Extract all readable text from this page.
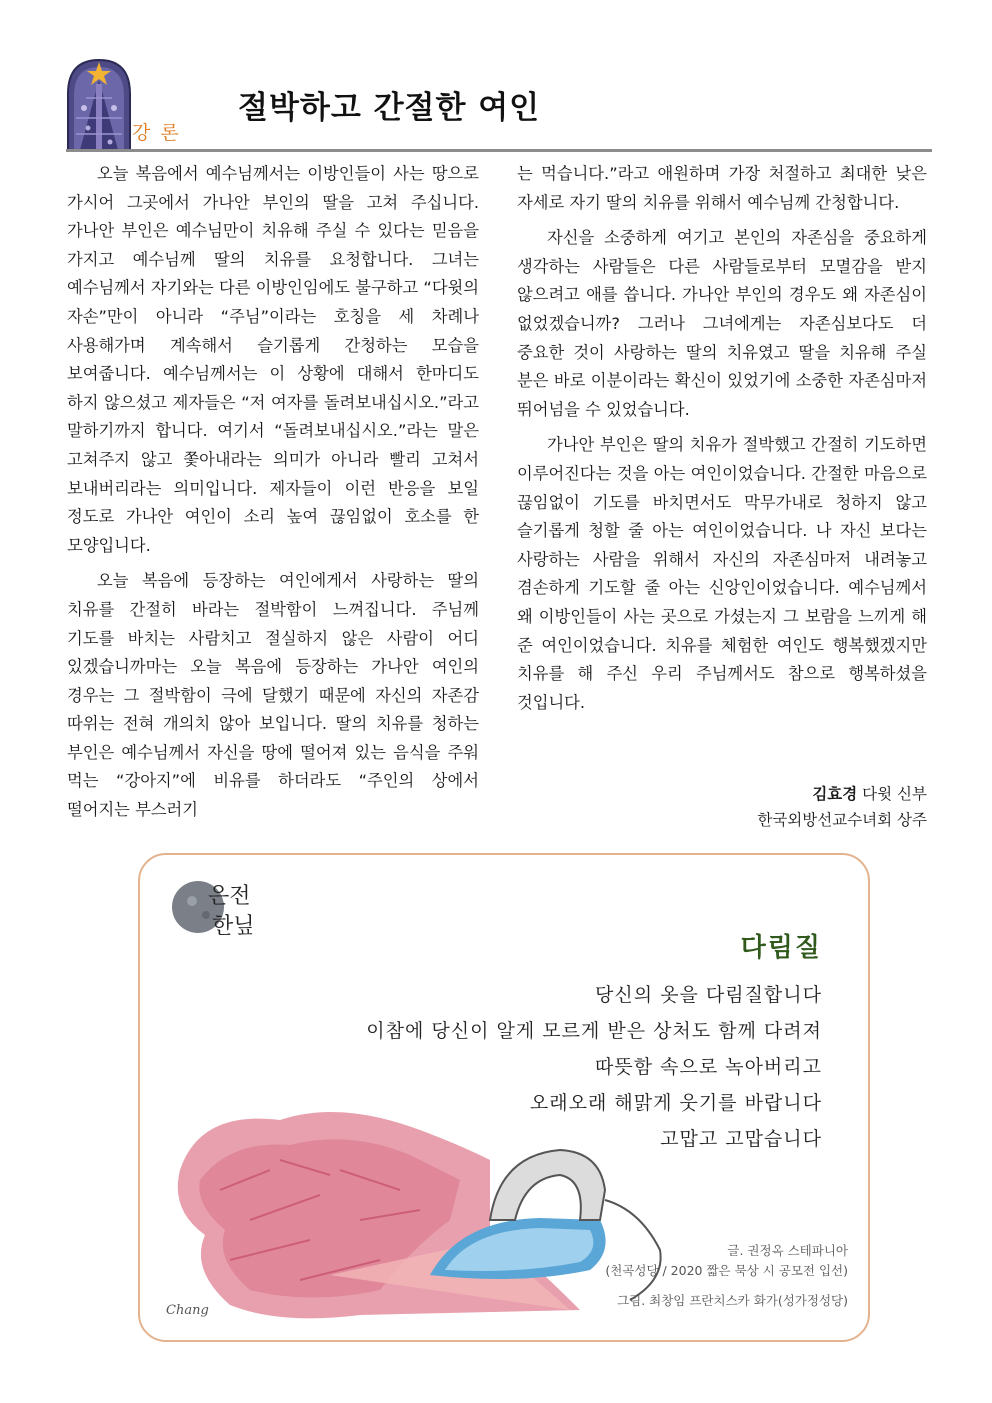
강론
절박하고 간절한 여인

오늘 복음에서 예수님께서는 이방인들이 사는 땅으로 가시어 그곳에서 가나안 부인의 딸을 고쳐 주십니다. 가나안 부인은 예수님만이 치유해 주실 수 있다는 믿음을 가지고 예수님께 딸의 치유를 요청합니다. 그녀는 예수님께서 자기와는 다른 이방인임에도 불구하고 “다윗의 자손”만이 아니라 “주님”이라는 호칭을 세 차례나 사용해가며 계속해서 슬기롭게 간청하는 모습을 보여줍니다. 예수님께서는 이 상황에 대해서 한마디도 하지 않으셨고 제자들은 “저 여자를 돌려보내십시오.”라고 말하기까지 합니다. 여기서 “돌려보내십시오.”라는 말은 고쳐주지 않고 쫓아내라는 의미가 아니라 빨리 고쳐서 보내버리라는 의미입니다. 제자들이 이런 반응을 보일 정도로 가나안 여인이 소리 높여 끊임없이 호소를 한 모양입니다.

오늘 복음에 등장하는 여인에게서 사랑하는 딸의 치유를 간절히 바라는 절박함이 느껴집니다. 주님께 기도를 바치는 사람치고 절실하지 않은 사람이 어디 있겠습니까마는 오늘 복음에 등장하는 가나안 여인의 경우는 그 절박함이 극에 달했기 때문에 자신의 자존감 따위는 전혀 개의치 않아 보입니다. 딸의 치유를 청하는 부인은 예수님께서 자신을 땅에 떨어져 있는 음식을 주워 먹는 “강아지”에 비유를 하더라도 “주인의 상에서 떨어지는 부스러기

는 먹습니다.”라고 애원하며 가장 처절하고 최대한 낮은 자세로 자기 딸의 치유를 위해서 예수님께 간청합니다.

자신을 소중하게 여기고 본인의 자존심을 중요하게 생각하는 사람들은 다른 사람들로부터 모멸감을 받지 않으려고 애를 씁니다. 가나안 부인의 경우도 왜 자존심이 없었겠습니까? 그러나 그녀에게는 자존심보다도 더 중요한 것이 사랑하는 딸의 치유였고 딸을 치유해 주실 분은 바로 이분이라는 확신이 있었기에 소중한 자존심마저 뛰어넘을 수 있었습니다.

가나안 부인은 딸의 치유가 절박했고 간절히 기도하면 이루어진다는 것을 아는 여인이었습니다. 간절한 마음으로 끊임없이 기도를 바치면서도 막무가내로 청하지 않고 슬기롭게 청할 줄 아는 여인이었습니다. 나 자신 보다는 사랑하는 사람을 위해서 자신의 자존심마저 내려놓고 겸손하게 기도할 줄 아는 신앙인이었습니다. 예수님께서 왜 이방인들이 사는 곳으로 가셨는지 그 보람을 느끼게 해 준 여인이었습니다. 치유를 체험한 여인도 행복했겠지만 치유를 해 주신 우리 주님께서도 참으로 행복하셨을 것입니다.

김효경 다윗 신부
한국외방선교수녀회 상주
은전
한닢
다림질
당신의 옷을 다림질합니다
이참에 당신이 알게 모르게 받은 상처도 함께 다려져
따뜻함 속으로 녹아버리고
오래오래 해맑게 웃기를 바랍니다
고맙고 고맙습니다
글. 권정옥 스테파니아
(천곡성당 / 2020 짧은 묵상 시 공모전 입선)
그림. 최창임 프란치스카 화가(성가정성당)
Chang
